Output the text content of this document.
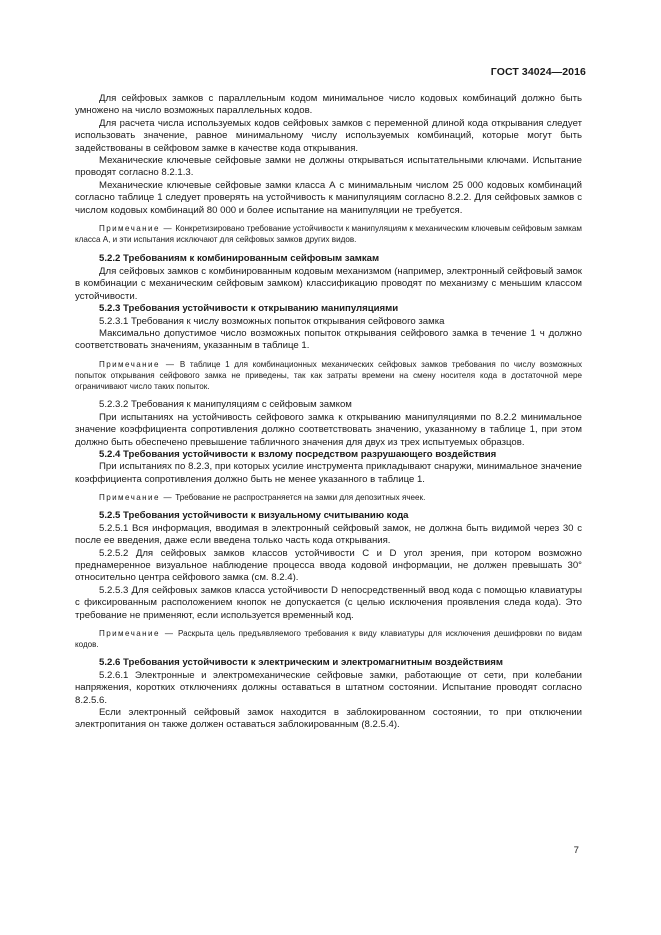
ГОСТ 34024—2016

Для сейфовых замков с параллельным кодом минимальное число кодовых комбинаций должно быть умножено на число возможных параллельных кодов.

Для расчета числа используемых кодов сейфовых замков с переменной длиной кода открывания следует использовать значение, равное минимальному числу используемых комбинаций, которые могут быть задействованы в сейфовом замке в качестве кода открывания.

Механические ключевые сейфовые замки не должны открываться испытательными ключами. Испытание проводят согласно 8.2.1.3.

Механические ключевые сейфовые замки класса А с минимальным числом 25 000 кодовых комбинаций согласно таблице 1 следует проверять на устойчивость к манипуляциям согласно 8.2.2. Для сейфовых замков с числом кодовых комбинаций 80 000 и более испытание на манипуляции не требуется.

Примечание — Конкретизировано требование устойчивости к манипуляциям к механическим ключевым сейфовым замкам класса А, и эти испытания исключают для сейфовых замков других видов.

5.2.2 Требованиям к комбинированным сейфовым замкам

Для сейфовых замков с комбинированным кодовым механизмом (например, электронный сейфовый замок в комбинации с механическим сейфовым замком) классификацию проводят по механизму с меньшим классом устойчивости.

5.2.3 Требования устойчивости к открыванию манипуляциями

5.2.3.1 Требования к числу возможных попыток открывания сейфового замка

Максимально допустимое число возможных попыток открывания сейфового замка в течение 1 ч должно соответствовать значениям, указанным в таблице 1.

Примечание — В таблице 1 для комбинационных механических сейфовых замков требования по числу возможных попыток открывания сейфового замка не приведены, так как затраты времени на смену носителя кода в достаточной мере ограничивают число таких попыток.

5.2.3.2 Требования к манипуляциям с сейфовым замком

При испытаниях на устойчивость сейфового замка к открыванию манипуляциями по 8.2.2 минимальное значение коэффициента сопротивления должно соответствовать значению, указанному в таблице 1, при этом должно быть обеспечено превышение табличного значения для двух из трех испытуемых образцов.

5.2.4 Требования устойчивости к взлому посредством разрушающего воздействия

При испытаниях по 8.2.3, при которых усилие инструмента прикладывают снаружи, минимальное значение коэффициента сопротивления должно быть не менее указанного в таблице 1.

Примечание — Требование не распространяется на замки для депозитных ячеек.

5.2.5 Требования устойчивости к визуальному считыванию кода

5.2.5.1 Вся информация, вводимая в электронный сейфовый замок, не должна быть видимой через 30 с после ее введения, даже если введена только часть кода открывания.

5.2.5.2 Для сейфовых замков классов устойчивости С и D угол зрения, при котором возможно преднамеренное визуальное наблюдение процесса ввода кодовой информации, не должен превышать 30° относительно центра сейфового замка (см. 8.2.4).

5.2.5.3 Для сейфовых замков класса устойчивости D непосредственный ввод кода с помощью клавиатуры с фиксированным расположением кнопок не допускается (с целью исключения проявления следа кода). Это требование не применяют, если используется временный код.

Примечание — Раскрыта цель предъявляемого требования к виду клавиатуры для исключения дешифровки по видам кодов.

5.2.6 Требования устойчивости к электрическим и электромагнитным воздействиям

5.2.6.1 Электронные и электромеханические сейфовые замки, работающие от сети, при колебании напряжения, коротких отключениях должны оставаться в штатном состоянии. Испытание проводят согласно 8.2.5.6.

Если электронный сейфовый замок находится в заблокированном состоянии, то при отключении электропитания он также должен оставаться заблокированным (8.2.5.4).

7
